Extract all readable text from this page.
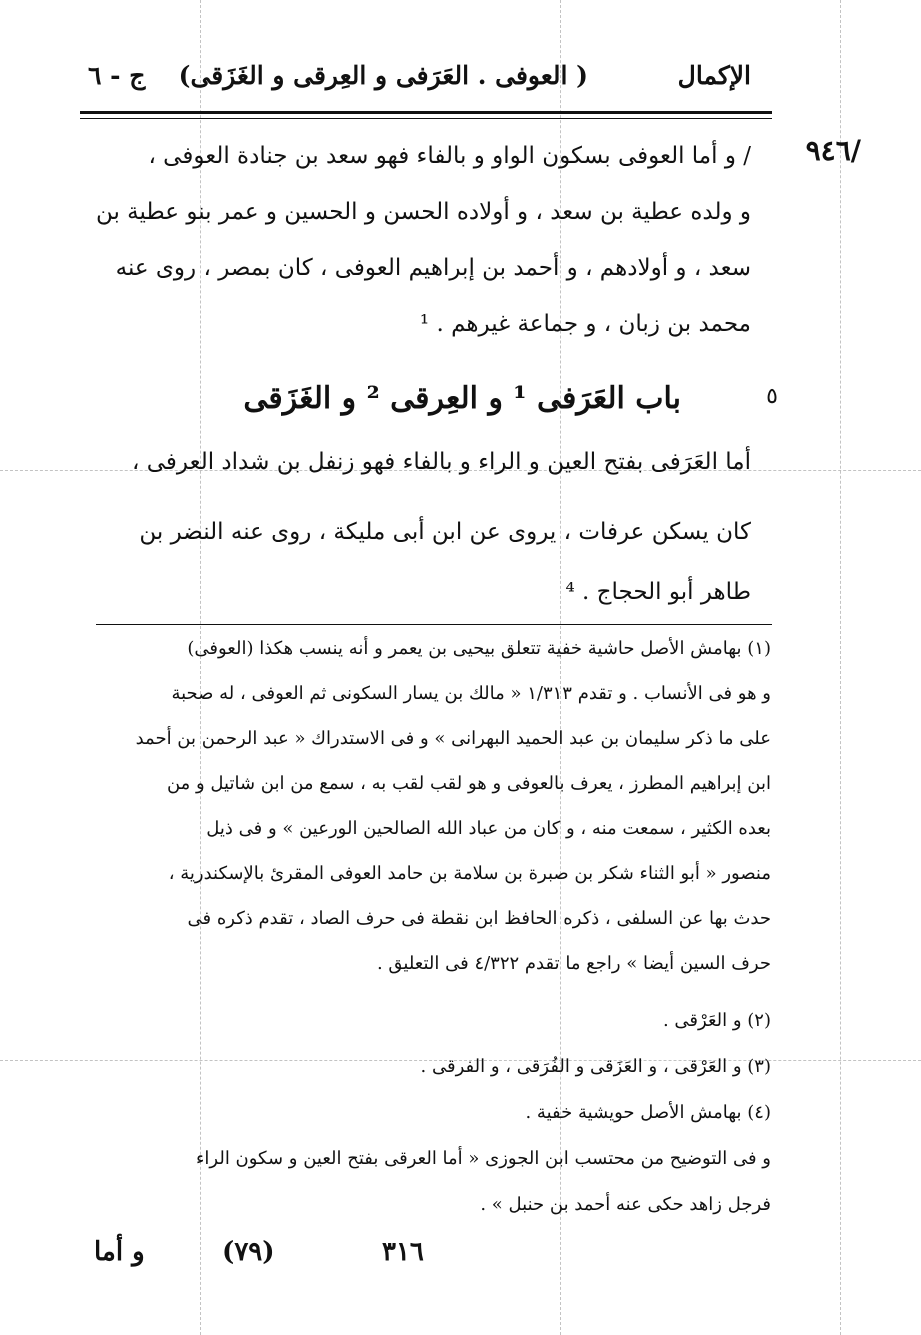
الإكمال
( العوفى . العَرَفى و العِرقى و الغَزَقى)
ج - ٦
/٩٤٦
٥
/ و أما العوفى بسكون الواو و بالفاء فهو سعد بن جنادة العوفى ،
و ولده عطية بن سعد ، و أولاده الحسن و الحسين و عمر بنو عطية بن
سعد ، و أولادهم ، و أحمد بن إبراهيم العوفى ، كان بمصر ، روى عنه
محمد بن زبان ، و جماعة غيرهم . ¹
باب العَرَفى ¹ و العِرقى ² و الغَزَقى
أما العَرَفى بفتح العين و الراء و بالفاء فهو زنفل بن شداد العرفى ،
كان يسكن عرفات ، يروى عن ابن أبى مليكة ، روى عنه النضر بن
طاهر أبو الحجاج . ⁴
(١) بهامش الأصل حاشية خفية تتعلق بيحيى بن يعمر و أنه ينسب هكذا (العوفى)
و هو فى الأنساب . و تقدم ١/٣١٣ « مالك بن يسار السكونى ثم العوفى ، له صحبة
على ما ذكر سليمان بن عبد الحميد البهرانى » و فى الاستدراك « عبد الرحمن بن أحمد
ابن إبراهيم المطرز ، يعرف بالعوفى و هو لقب لقب به ، سمع من ابن شاتيل و من
بعده الكثير ، سمعت منه ، و كان من عباد الله الصالحين الورعين » و فى ذيل
منصور « أبو الثناء شكر بن صبرة بن سلامة بن حامد العوفى المقرئ بالإسكندرية ،
حدث بها عن السلفى ، ذكره الحافظ ابن نقطة فى حرف الصاد ، تقدم ذكره فى
حرف السين أيضا » راجع ما تقدم ٤/٣٢٢ فى التعليق .
(٢) و العَرْقى .
(٣) و العَرْقى ، و العَزَقى و الفُرَقى ، و الفرقى .
(٤) بهامش الأصل حويشية خفية .
و فى التوضيح من محتسب ابن الجوزى « أما العرقى بفتح العين و سكون الراء
فرجل زاهد حكى عنه أحمد بن حنبل » .
٣١٦
(٧٩)
و أما
